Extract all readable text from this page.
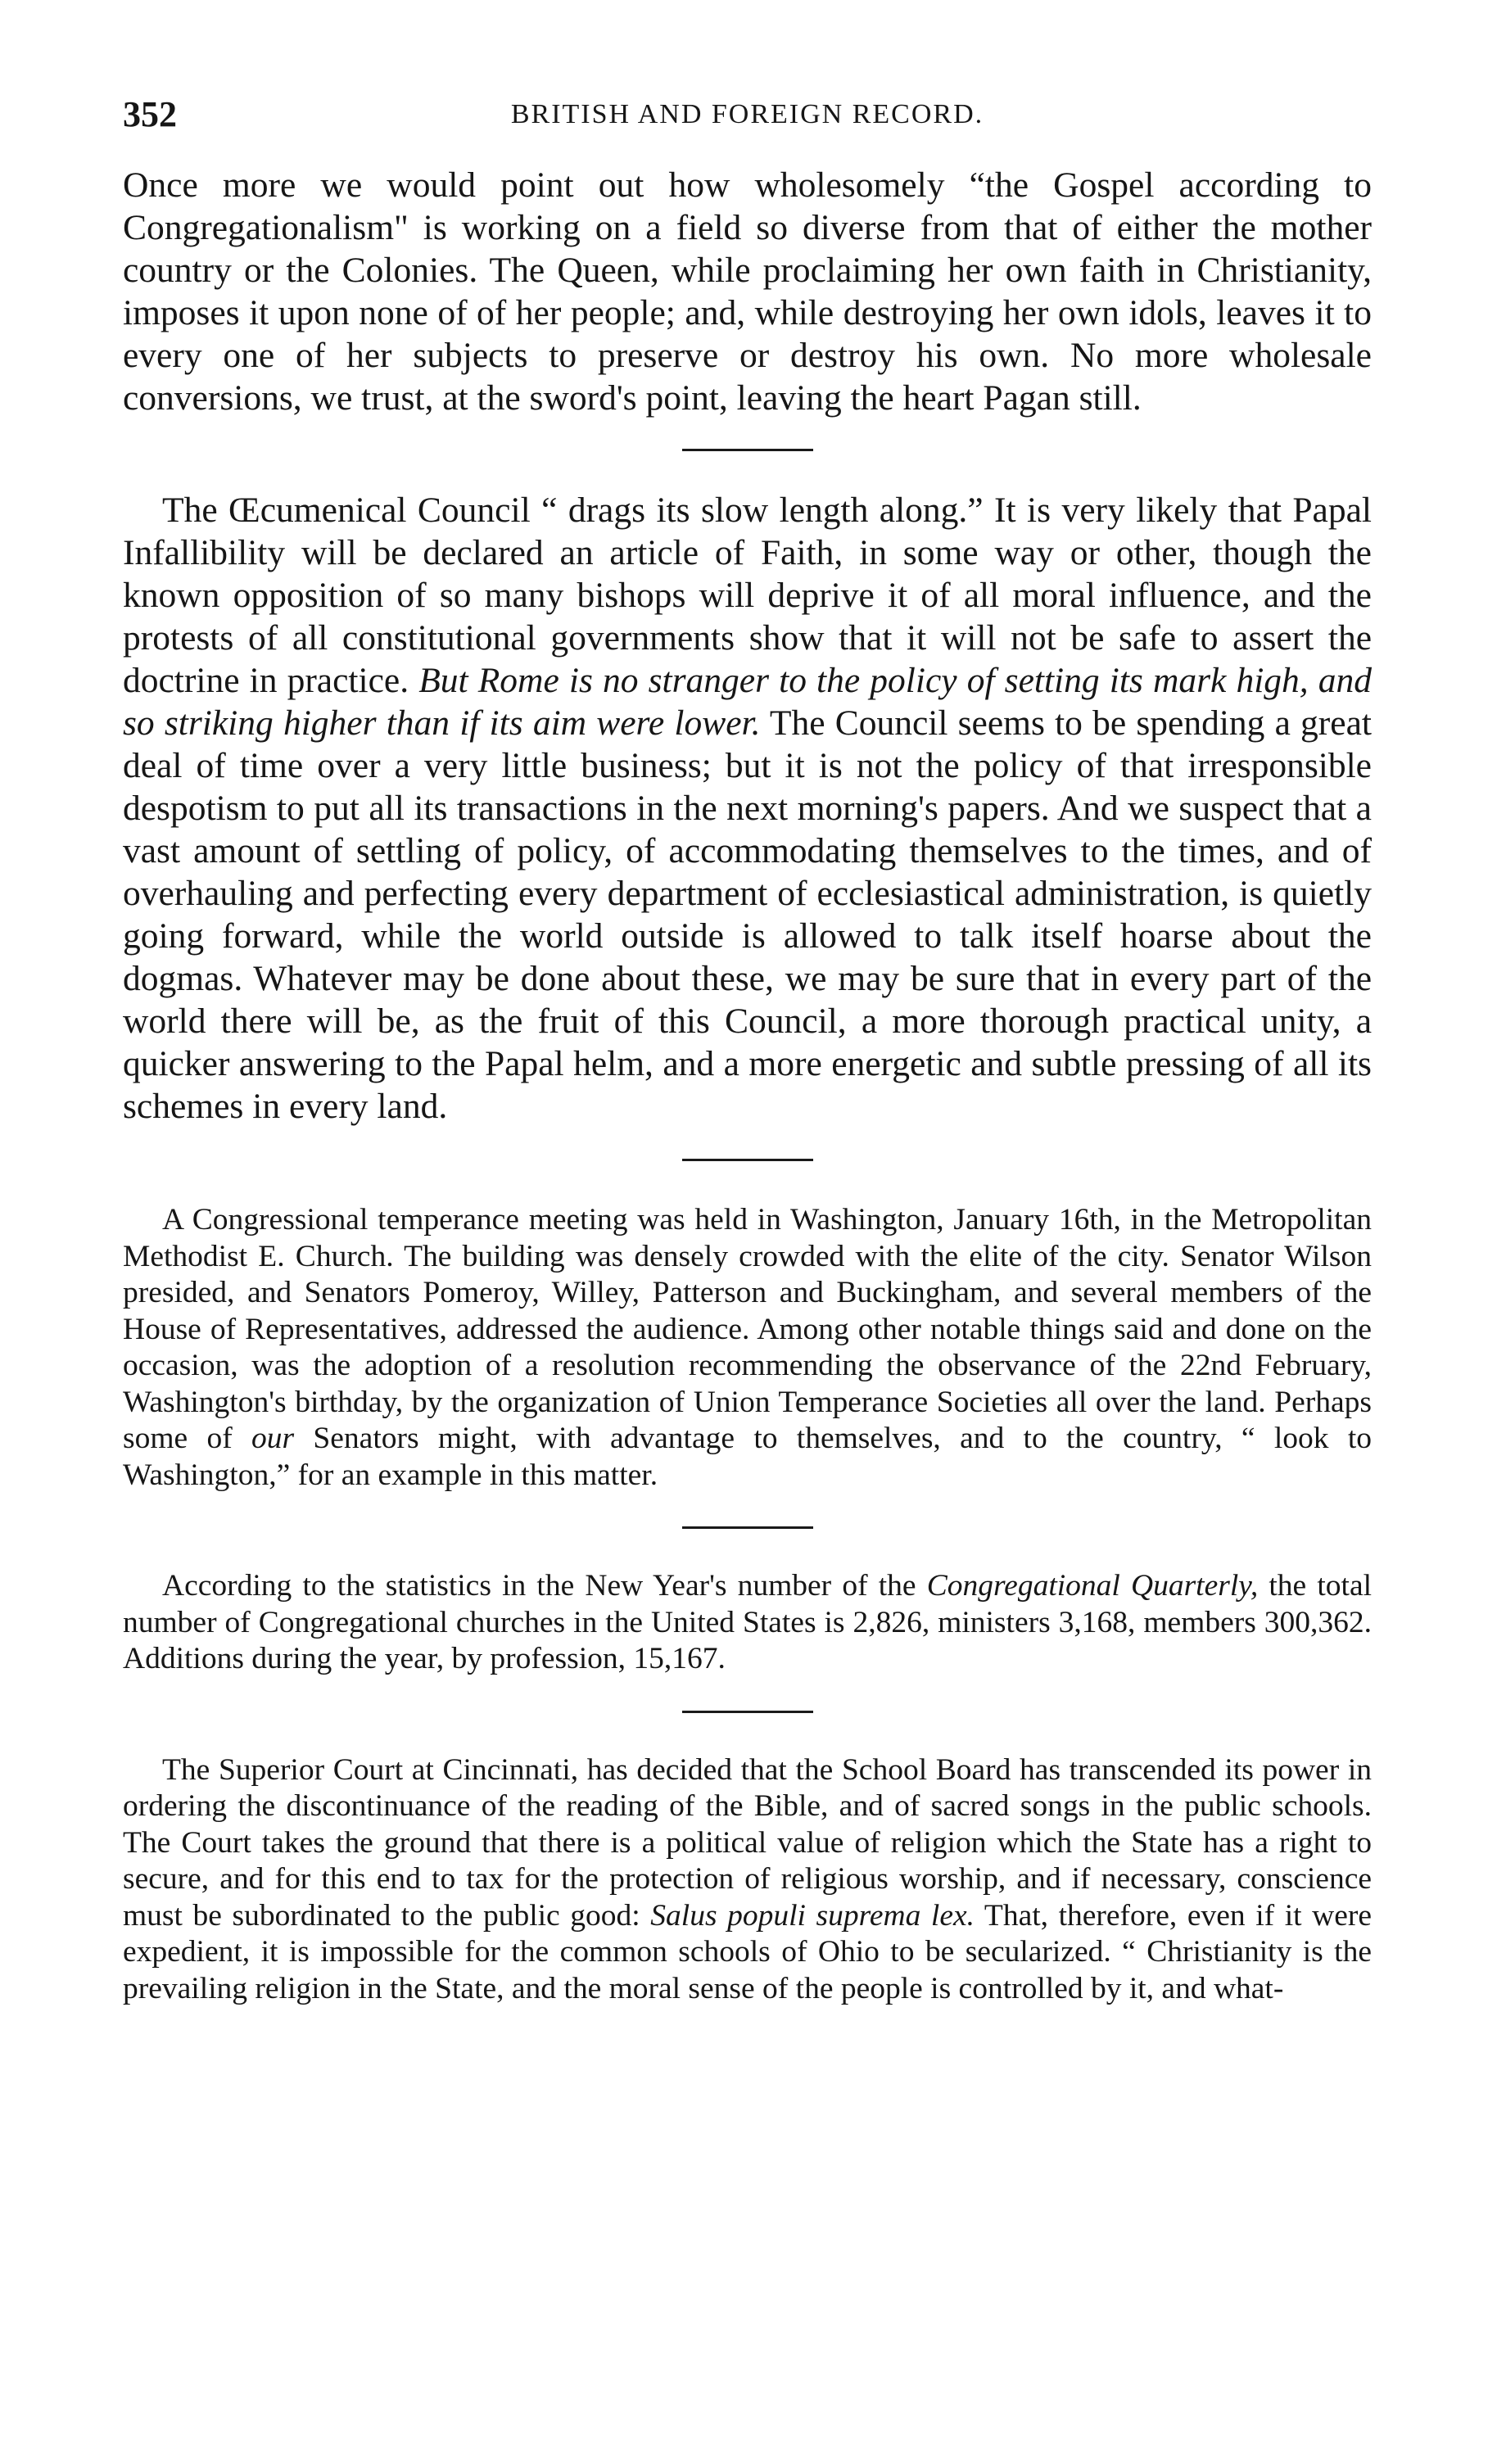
352	BRITISH AND FOREIGN RECORD.

Once more we would point out how wholesomely “the Gospel according to Congregationalism" is working on a field so diverse from that of either the mother country or the Colonies. The Queen, while proclaiming her own faith in Christianity, imposes it upon none of of her people; and, while destroying her own idols, leaves it to every one of her subjects to preserve or destroy his own. No more wholesale conversions, we trust, at the sword's point, leaving the heart Pagan still.

The Œcumenical Council “ drags its slow length along.” It is very likely that Papal Infallibility will be declared an article of Faith, in some way or other, though the known opposition of so many bishops will deprive it of all moral influence, and the protests of all constitutional governments show that it will not be safe to assert the doctrine in practice. But Rome is no stranger to the policy of setting its mark high, and so striking higher than if its aim were lower. The Council seems to be spending a great deal of time over a very little business; but it is not the policy of that irresponsible despotism to put all its transactions in the next morning's papers. And we suspect that a vast amount of settling of policy, of accommodating themselves to the times, and of overhauling and perfecting every department of ecclesiastical administration, is quietly going forward, while the world outside is allowed to talk itself hoarse about the dogmas. Whatever may be done about these, we may be sure that in every part of the world there will be, as the fruit of this Council, a more thorough practical unity, a quicker answering to the Papal helm, and a more energetic and subtle pressing of all its schemes in every land.

A Congressional temperance meeting was held in Washington, January 16th, in the Metropolitan Methodist E. Church. The building was densely crowded with the elite of the city. Senator Wilson presided, and Senators Pomeroy, Willey, Patterson and Buckingham, and several members of the House of Representatives, addressed the audience. Among other notable things said and done on the occasion, was the adoption of a resolution recommending the observance of the 22nd February, Washington's birthday, by the organization of Union Temperance Societies all over the land. Perhaps some of our Senators might, with advantage to themselves, and to the country, “ look to Washington,” for an example in this matter.

According to the statistics in the New Year's number of the Congregational Quarterly, the total number of Congregational churches in the United States is 2,826, ministers 3,168, members 300,362. Additions during the year, by profession, 15,167.

The Superior Court at Cincinnati, has decided that the School Board has transcended its power in ordering the discontinuance of the reading of the Bible, and of sacred songs in the public schools. The Court takes the ground that there is a political value of religion which the State has a right to secure, and for this end to tax for the protection of religious worship, and if necessary, conscience must be subordinated to the public good: Salus populi suprema lex. That, therefore, even if it were expedient, it is impossible for the common schools of Ohio to be secularized. “ Christianity is the prevailing religion in the State, and the moral sense of the people is controlled by it, and what-
